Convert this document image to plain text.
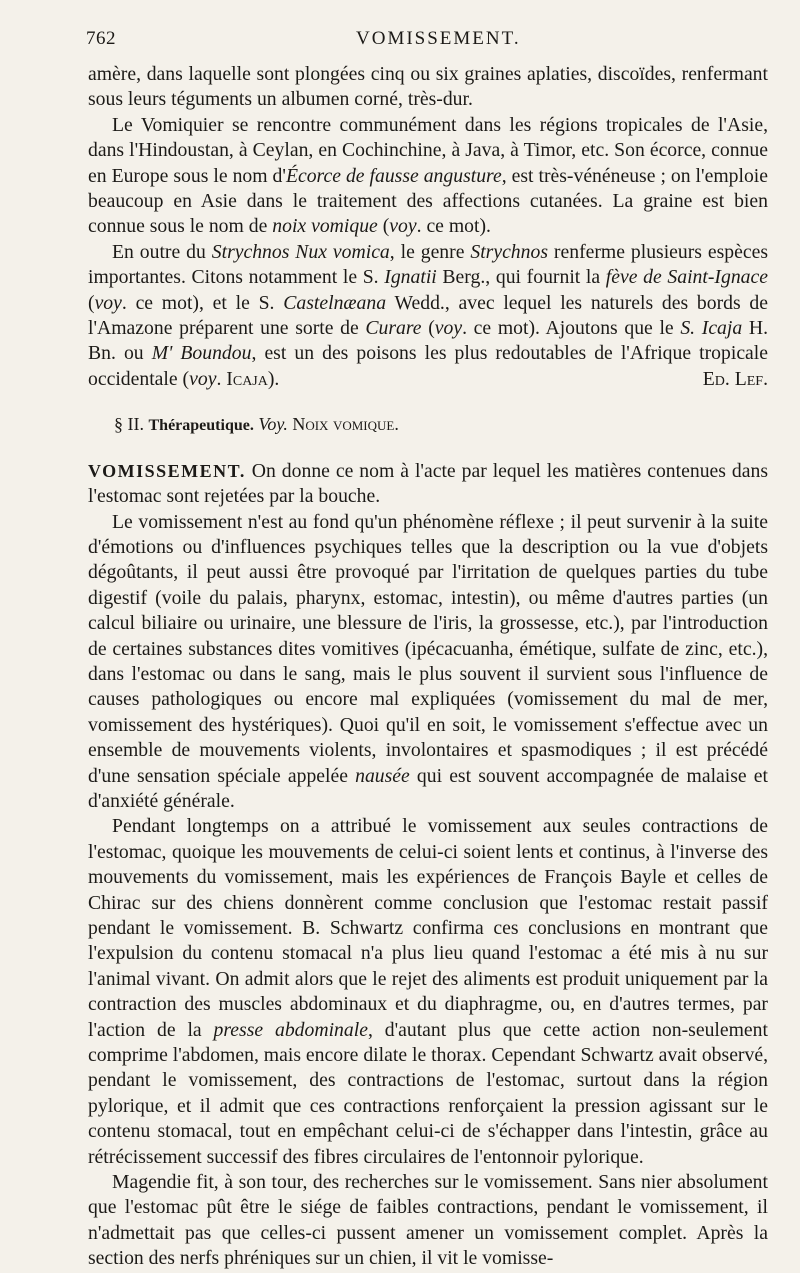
762	VOMISSEMENT.

amère, dans laquelle sont plongées cinq ou six graines aplaties, discoïdes, renfermant sous leurs téguments un albumen corné, très-dur.

Le Vomiquier se rencontre communément dans les régions tropicales de l'Asie, dans l'Hindoustan, à Ceylan, en Cochinchine, à Java, à Timor, etc. Son écorce, connue en Europe sous le nom d'Écorce de fausse angusture, est très-vénéneuse ; on l'emploie beaucoup en Asie dans le traitement des affections cutanées. La graine est bien connue sous le nom de noix vomique (voy. ce mot).

En outre du Strychnos Nux vomica, le genre Strychnos renferme plusieurs espèces importantes. Citons notamment le S. Ignatii Berg., qui fournit la fève de Saint-Ignace (voy. ce mot), et le S. Castelnæana Wedd., avec lequel les naturels des bords de l'Amazone préparent une sorte de Curare (voy. ce mot). Ajoutons que le S. Icaja H. Bn. ou M' Boundou, est un des poisons les plus redoutables de l'Afrique tropicale occidentale (voy. Icaja).	Ed. Lef.

§ II. Thérapeutique. Voy. Noix vomique.

VOMISSEMENT. On donne ce nom à l'acte par lequel les matières contenues dans l'estomac sont rejetées par la bouche.

Le vomissement n'est au fond qu'un phénomène réflexe ; il peut survenir à la suite d'émotions ou d'influences psychiques telles que la description ou la vue d'objets dégoûtants, il peut aussi être provoqué par l'irritation de quelques parties du tube digestif (voile du palais, pharynx, estomac, intestin), ou même d'autres parties (un calcul biliaire ou urinaire, une blessure de l'iris, la grossesse, etc.), par l'introduction de certaines substances dites vomitives (ipécacuanha, émétique, sulfate de zinc, etc.), dans l'estomac ou dans le sang, mais le plus souvent il survient sous l'influence de causes pathologiques ou encore mal expliquées (vomissement du mal de mer, vomissement des hystériques). Quoi qu'il en soit, le vomissement s'effectue avec un ensemble de mouvements violents, involontaires et spasmodiques ; il est précédé d'une sensation spéciale appelée nausée qui est souvent accompagnée de malaise et d'anxiété générale.

Pendant longtemps on a attribué le vomissement aux seules contractions de l'estomac, quoique les mouvements de celui-ci soient lents et continus, à l'inverse des mouvements du vomissement, mais les expériences de François Bayle et celles de Chirac sur des chiens donnèrent comme conclusion que l'estomac restait passif pendant le vomissement. B. Schwartz confirma ces conclusions en montrant que l'expulsion du contenu stomacal n'a plus lieu quand l'estomac a été mis à nu sur l'animal vivant. On admit alors que le rejet des aliments est produit uniquement par la contraction des muscles abdominaux et du diaphragme, ou, en d'autres termes, par l'action de la presse abdominale, d'autant plus que cette action non-seulement comprime l'abdomen, mais encore dilate le thorax. Cependant Schwartz avait observé, pendant le vomissement, des contractions de l'estomac, surtout dans la région pylorique, et il admit que ces contractions renforçaient la pression agissant sur le contenu stomacal, tout en empêchant celui-ci de s'échapper dans l'intestin, grâce au rétrécissement successif des fibres circulaires de l'entonnoir pylorique.

Magendie fit, à son tour, des recherches sur le vomissement. Sans nier absolument que l'estomac pût être le siége de faibles contractions, pendant le vomissement, il n'admettait pas que celles-ci pussent amener un vomissement complet. Après la section des nerfs phréniques sur un chien, il vit le vomisse-
